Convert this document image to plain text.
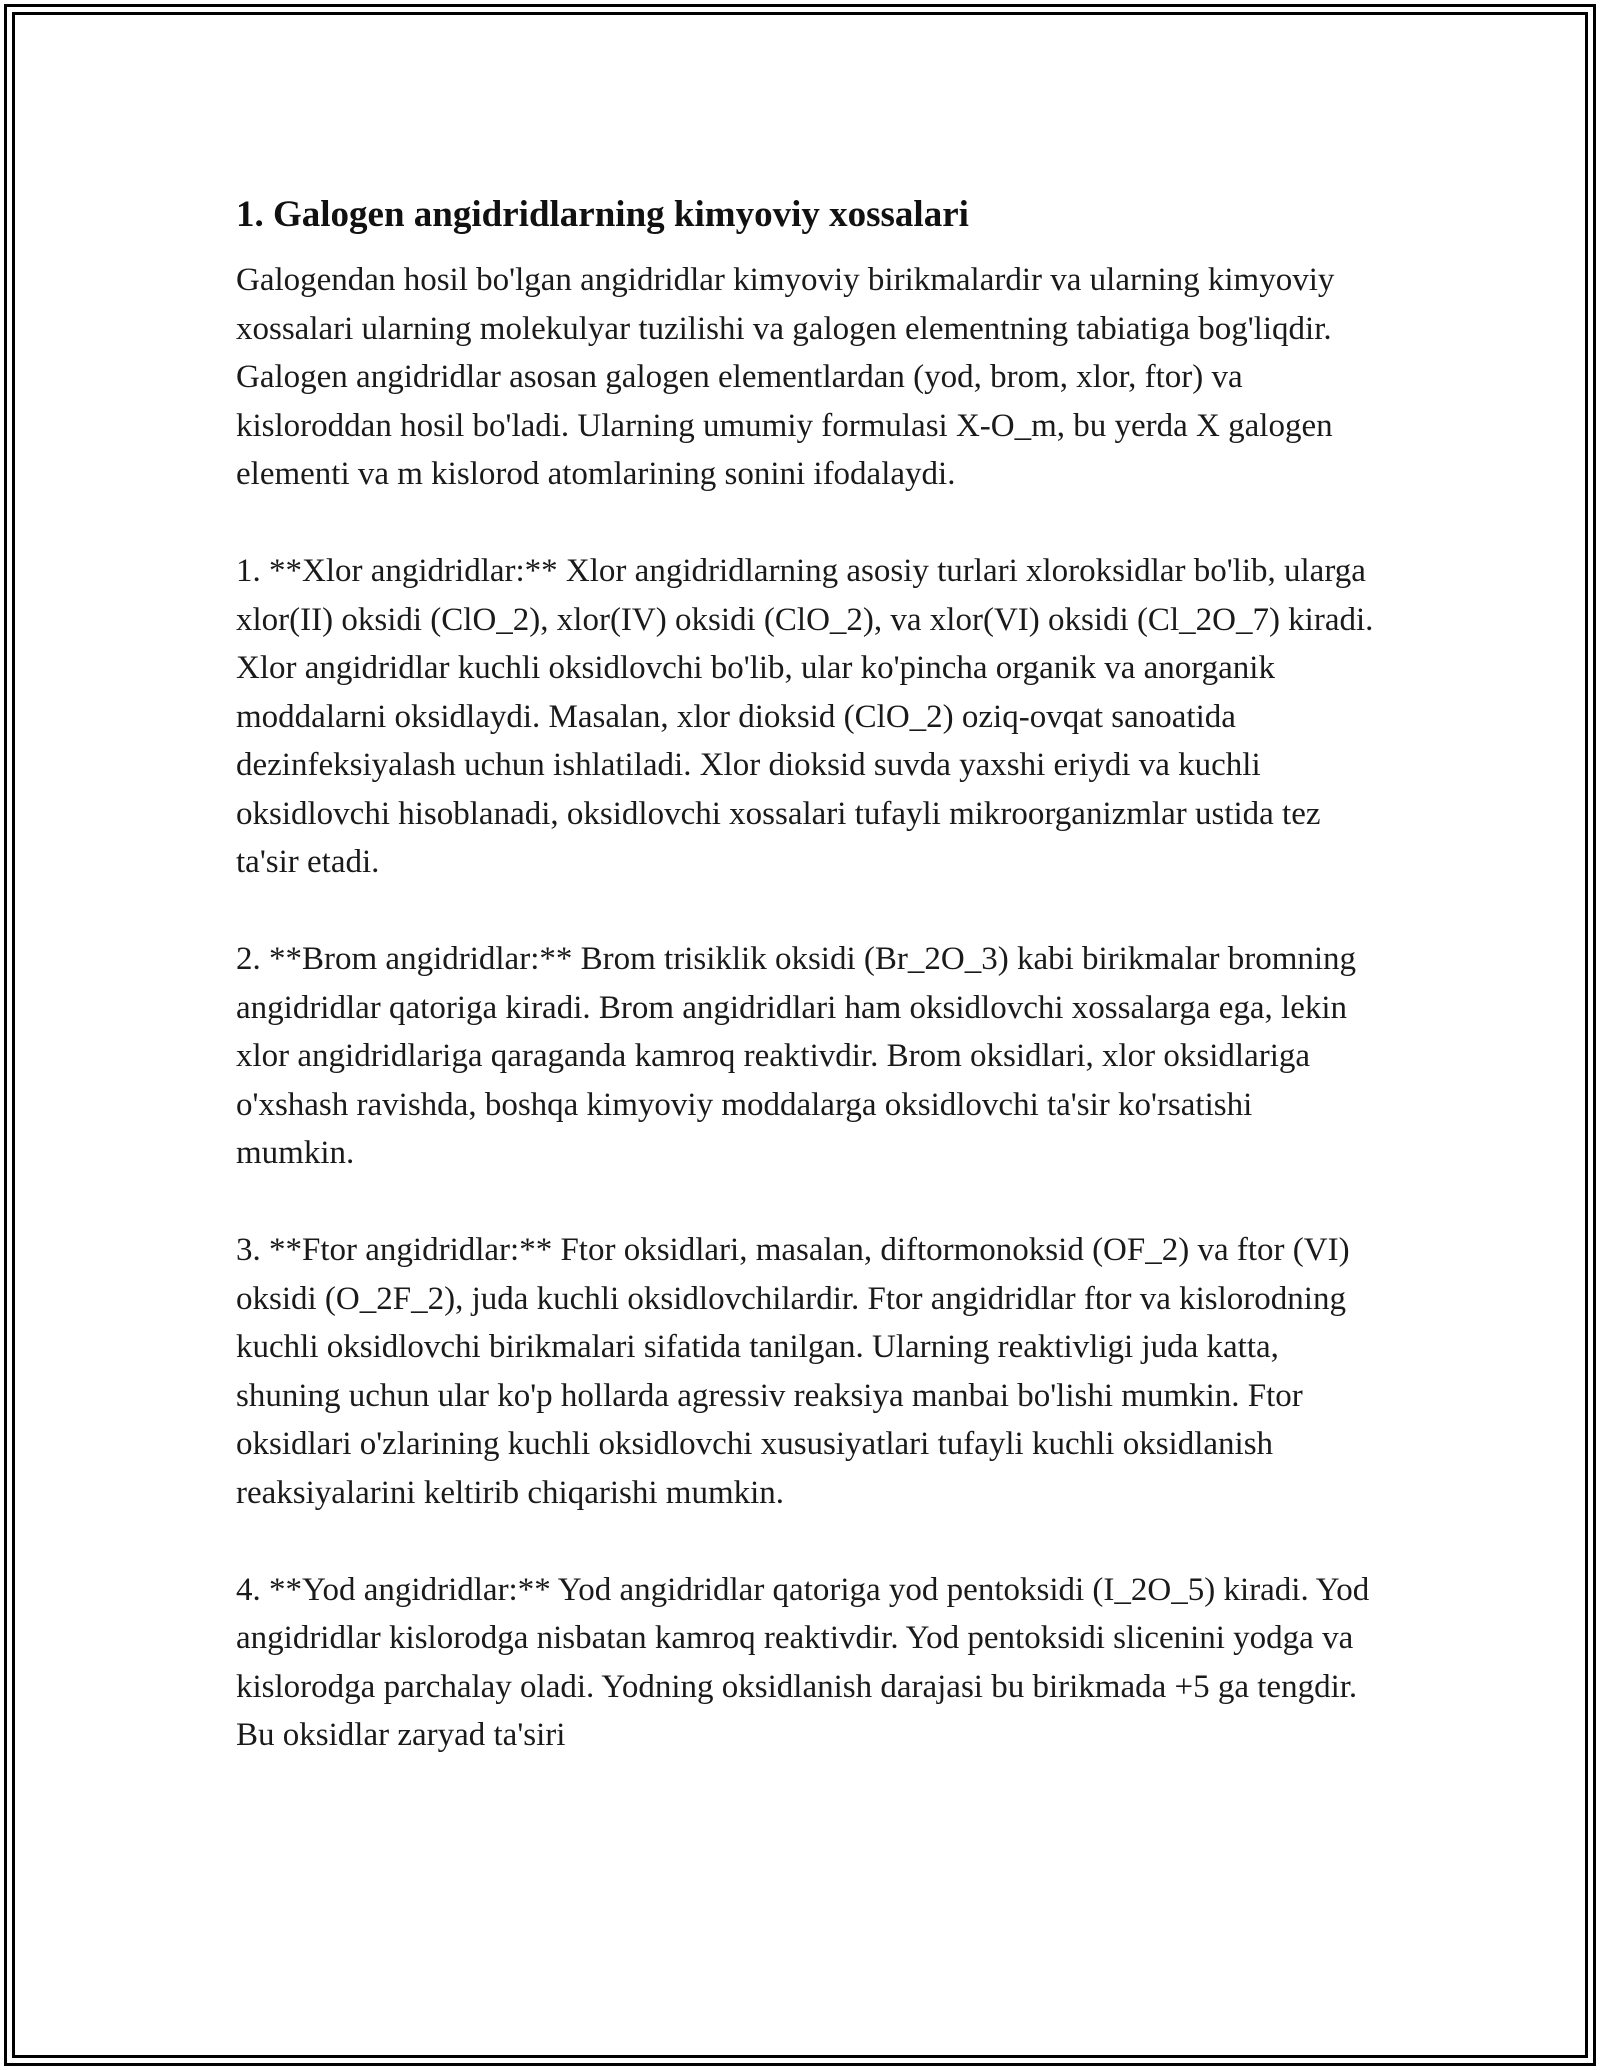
1. Galogen angidridlarning kimyoviy xossalari

Galogendan hosil bo'lgan angidridlar kimyoviy birikmalardir va ularning kimyoviy xossalari ularning molekulyar tuzilishi va galogen elementning tabiatiga bog'liqdir. Galogen angidridlar asosan galogen elementlardan (yod, brom, xlor, ftor) va kisloroddan hosil bo'ladi. Ularning umumiy formulasi X-O_m, bu yerda X galogen elementi va m kislorod atomlarining sonini ifodalaydi.

1. **Xlor angidridlar:** Xlor angidridlarning asosiy turlari xloroksidlar bo'lib, ularga xlor(II) oksidi (ClO_2), xlor(IV) oksidi (ClO_2), va xlor(VI) oksidi (Cl_2O_7) kiradi. Xlor angidridlar kuchli oksidlovchi bo'lib, ular ko'pincha organik va anorganik moddalarni oksidlaydi. Masalan, xlor dioksid (ClO_2) oziq-ovqat sanoatida dezinfeksiyalash uchun ishlatiladi. Xlor dioksid suvda yaxshi eriydi va kuchli oksidlovchi hisoblanadi, oksidlovchi xossalari tufayli mikroorganizmlar ustida tez ta'sir etadi.

2. **Brom angidridlar:** Brom trisiklik oksidi (Br_2O_3) kabi birikmalar bromning angidridlar qatoriga kiradi. Brom angidridlari ham oksidlovchi xossalarga ega, lekin xlor angidridlariga qaraganda kamroq reaktivdir. Brom oksidlari, xlor oksidlariga o'xshash ravishda, boshqa kimyoviy moddalarga oksidlovchi ta'sir ko'rsatishi mumkin.

3. **Ftor angidridlar:** Ftor oksidlari, masalan, diftormonoksid (OF_2) va ftor (VI) oksidi (O_2F_2), juda kuchli oksidlovchilardir. Ftor angidridlar ftor va kislorodning kuchli oksidlovchi birikmalari sifatida tanilgan. Ularning reaktivligi juda katta, shuning uchun ular ko'p hollarda agressiv reaksiya manbai bo'lishi mumkin. Ftor oksidlari o'zlarining kuchli oksidlovchi xususiyatlari tufayli kuchli oksidlanish reaksiyalarini keltirib chiqarishi mumkin.

4. **Yod angidridlar:** Yod angidridlar qatoriga yod pentoksidi (I_2O_5) kiradi. Yod angidridlar kislorodga nisbatan kamroq reaktivdir. Yod pentoksidi slicenini yodga va kislorodga parchalay oladi. Yodning oksidlanish darajasi bu birikmada +5 ga tengdir. Bu oksidlar zaryad ta'siri
